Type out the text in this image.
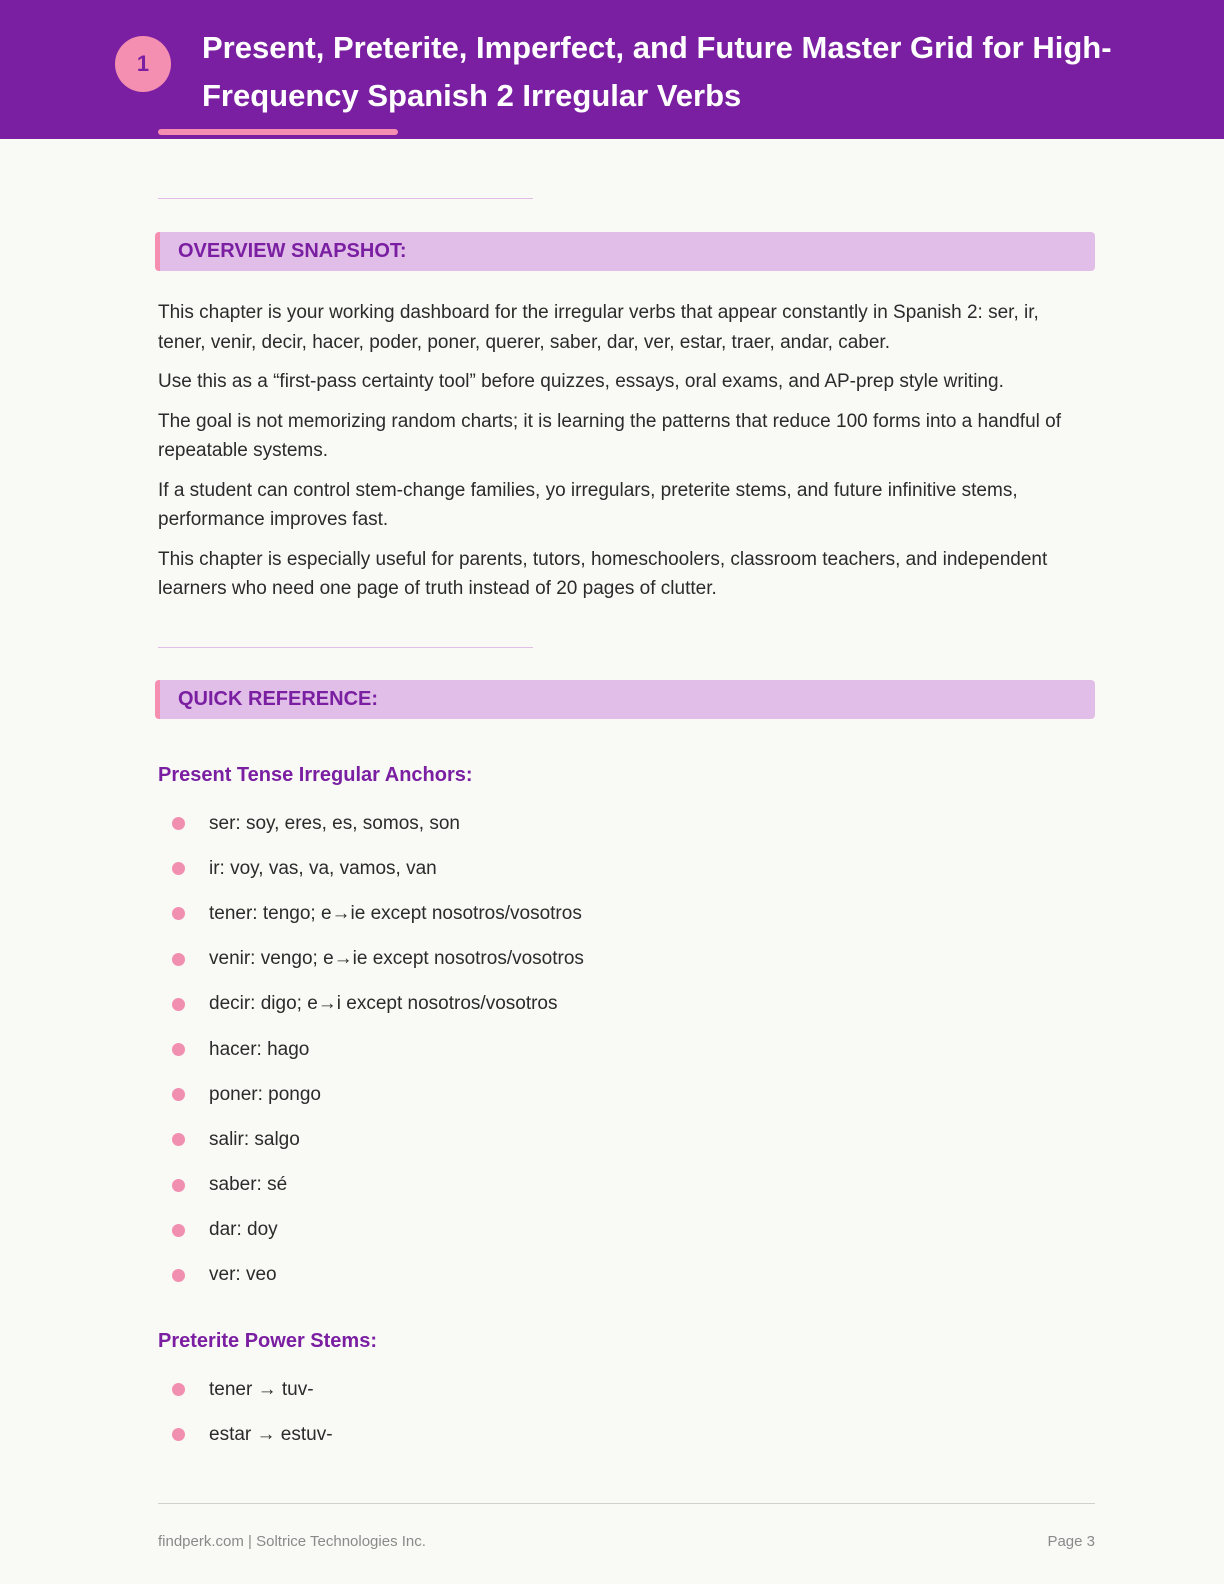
1	Present, Preterite, Imperfect, and Future Master Grid for High-Frequency Spanish 2 Irregular Verbs
OVERVIEW SNAPSHOT:

This chapter is your working dashboard for the irregular verbs that appear constantly in Spanish 2: ser, ir, tener, venir, decir, hacer, poder, poner, querer, saber, dar, ver, estar, traer, andar, caber.

Use this as a “first-pass certainty tool” before quizzes, essays, oral exams, and AP-prep style writing.

The goal is not memorizing random charts; it is learning the patterns that reduce 100 forms into a handful of repeatable systems.

If a student can control stem-change families, yo irregulars, preterite stems, and future infinitive stems, performance improves fast.

This chapter is especially useful for parents, tutors, homeschoolers, classroom teachers, and independent learners who need one page of truth instead of 20 pages of clutter.

QUICK REFERENCE:
Present Tense Irregular Anchors:
ser: soy, eres, es, somos, son
ir: voy, vas, va, vamos, van
tener: tengo; e→ie except nosotros/vosotros
venir: vengo; e→ie except nosotros/vosotros
decir: digo; e→i except nosotros/vosotros
hacer: hago
poner: pongo
salir: salgo
saber: sé
dar: doy
ver: veo
Preterite Power Stems:
tener → tuv-
estar → estuv-
findperk.com | Soltrice Technologies Inc.	Page 3
